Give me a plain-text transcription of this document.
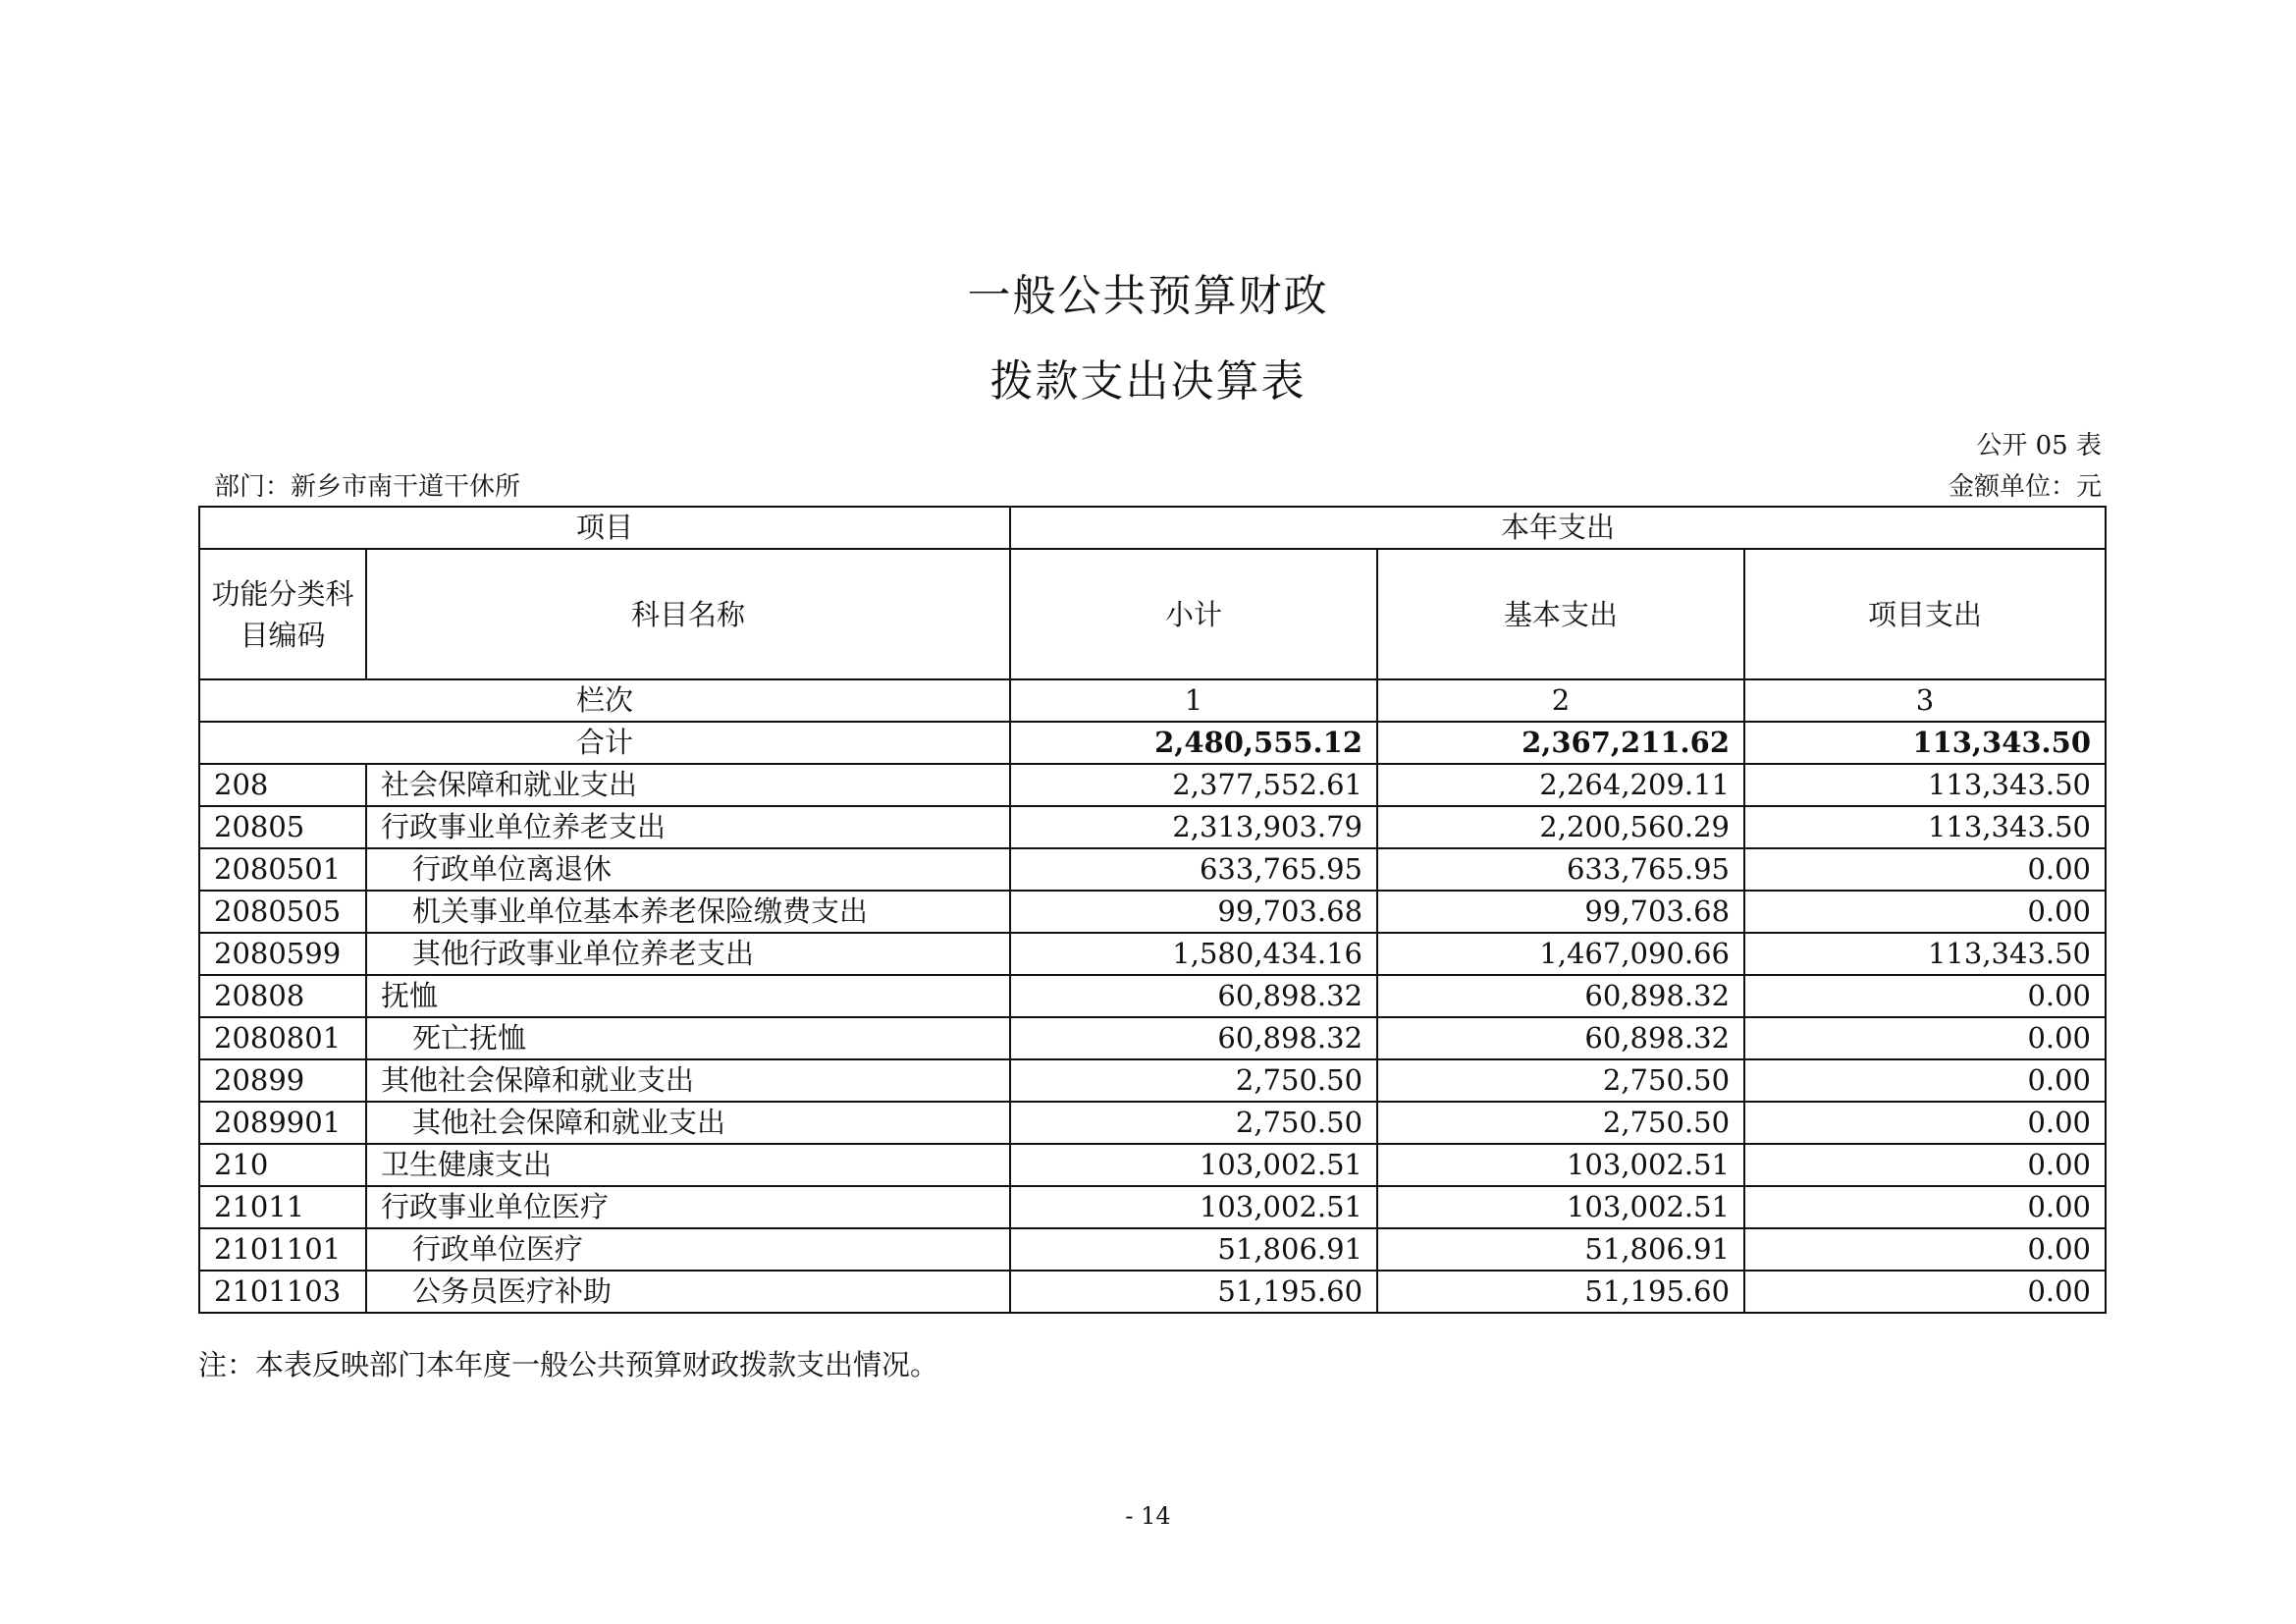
一般公共预算财政
拨款支出决算表
公开 05 表
部门：新乡市南干道干休所	金额单位：元
项目		本年支出		
功能分类科目编码	科目名称	小计	基本支出	项目支出
栏次		1	2	3
合计		2,480,555.12	2,367,211.62	113,343.50
208	社会保障和就业支出	2,377,552.61	2,264,209.11	113,343.50
20805	行政事业单位养老支出	2,313,903.79	2,200,560.29	113,343.50
2080501	行政单位离退休	633,765.95	633,765.95	0.00
2080505	机关事业单位基本养老保险缴费支出	99,703.68	99,703.68	0.00
2080599	其他行政事业单位养老支出	1,580,434.16	1,467,090.66	113,343.50
20808	抚恤	60,898.32	60,898.32	0.00
2080801	死亡抚恤	60,898.32	60,898.32	0.00
20899	其他社会保障和就业支出	2,750.50	2,750.50	0.00
2089901	其他社会保障和就业支出	2,750.50	2,750.50	0.00
210	卫生健康支出	103,002.51	103,002.51	0.00
21011	行政事业单位医疗	103,002.51	103,002.51	0.00
2101101	行政单位医疗	51,806.91	51,806.91	0.00
2101103	公务员医疗补助	51,195.60	51,195.60	0.00
注：本表反映部门本年度一般公共预算财政拨款支出情况。
- 14
